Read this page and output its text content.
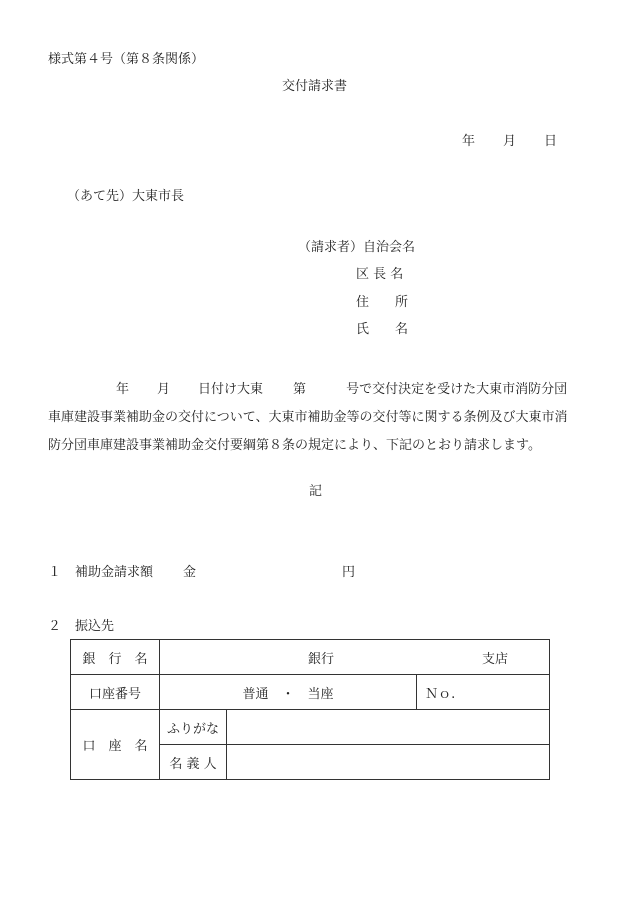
様式第４号（第８条関係）
交付請求書
年 月 日
（あて先）大東市長
（請求者）自治会名
区 長 名
住　　所
氏　　名
年 月 日付け大東 第	号で交付決定を受けた大東市消防分団
車庫建設事業補助金の交付について、大東市補助金等の交付等に関する条例及び大東市消
防分団車庫建設事業補助金交付要綱第８条の規定により、下記のとおり請求します。
記
１ 補助金請求額 金	円
２ 振込先
銀　行　名	銀行 支店		
口座番号	普通　・　当座		Ｎｏ.
口　座　名	ふりがな		
	名 義 人		
